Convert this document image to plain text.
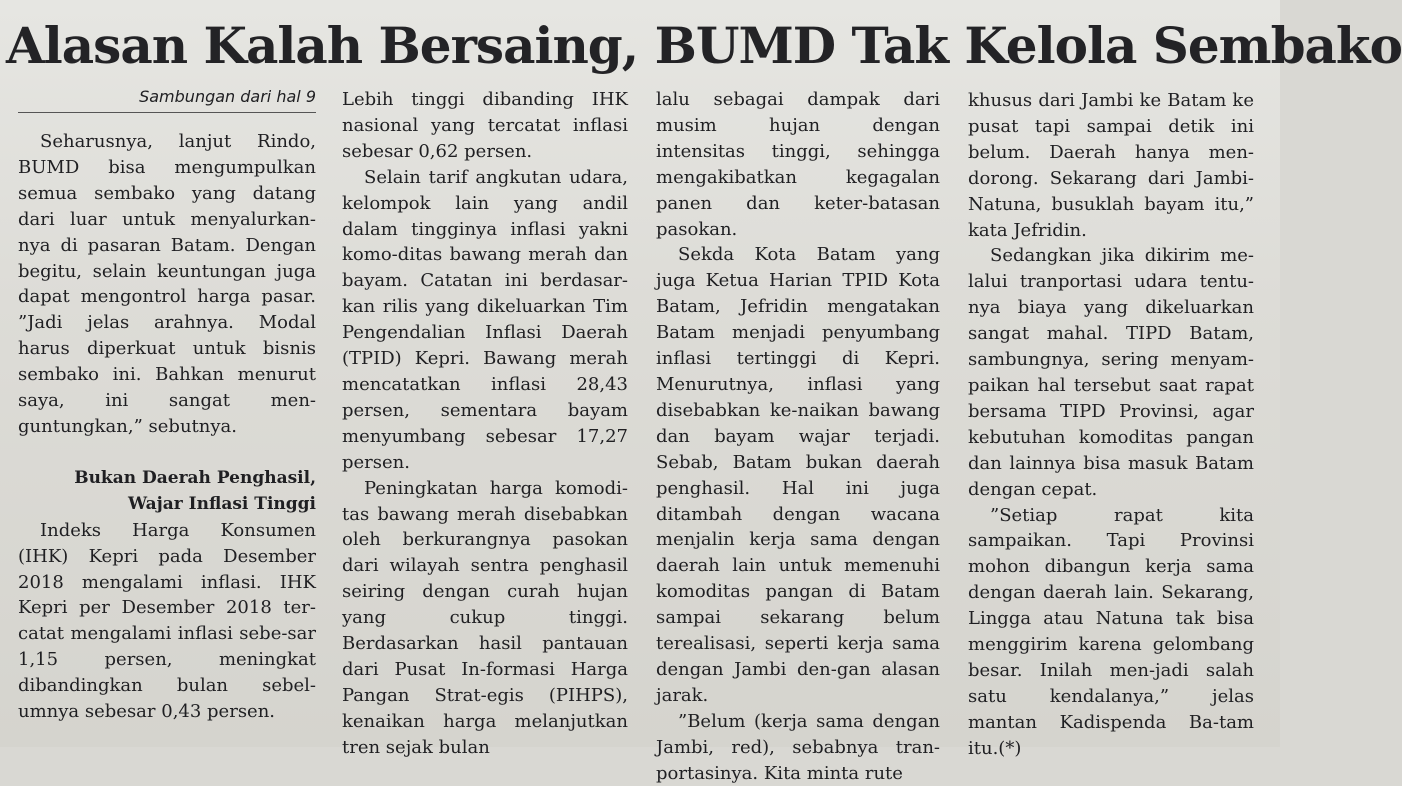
Alasan Kalah Bersaing, BUMD Tak Kelola Sembako

Sambungan dari hal 9

Seharusnya, lanjut Rindo, BUMD bisa mengumpulkan semua sembako yang datang dari luar untuk menyalurkan-nya di pasaran Batam. Dengan begitu, selain keuntungan juga dapat mengontrol harga pasar. ”Jadi jelas arahnya. Modal harus diperkuat untuk bisnis sembako ini. Bahkan menurut saya, ini sangat men-guntungkan,” sebutnya.

Bukan Daerah Penghasil, Wajar Inflasi Tinggi

Indeks Harga Konsumen (IHK) Kepri pada Desember 2018 mengalami inflasi. IHK Kepri per Desember 2018 ter-catat mengalami inflasi sebe-sar 1,15 persen, meningkat dibandingkan bulan sebel-umnya sebesar 0,43 persen.

Lebih tinggi dibanding IHK nasional yang tercatat inflasi sebesar 0,62 persen.

Selain tarif angkutan udara, kelompok lain yang andil dalam tingginya inflasi yakni komo-ditas bawang merah dan bayam. Catatan ini berdasar-kan rilis yang dikeluarkan Tim Pengendalian Inflasi Daerah (TPID) Kepri. Bawang merah mencatatkan inflasi 28,43 persen, sementara bayam menyumbang sebesar 17,27 persen.

Peningkatan harga komodi-tas bawang merah disebabkan oleh berkurangnya pasokan dari wilayah sentra penghasil seiring dengan curah hujan yang cukup tinggi. Berdasarkan hasil pantauan dari Pusat In-formasi Harga Pangan Strat-egis (PIHPS), kenaikan harga melanjutkan tren sejak bulan

lalu sebagai dampak dari musim hujan dengan intensitas tinggi, sehingga mengakibatkan kegagalan panen dan keter-batasan pasokan.

Sekda Kota Batam yang juga Ketua Harian TPID Kota Batam, Jefridin mengatakan Batam menjadi penyumbang inflasi tertinggi di Kepri. Menurutnya, inflasi yang disebabkan ke-naikan bawang dan bayam wajar terjadi. Sebab, Batam bukan daerah penghasil. Hal ini juga ditambah dengan wacana menjalin kerja sama dengan daerah lain untuk memenuhi komoditas pangan di Batam sampai sekarang belum terealisasi, seperti kerja sama dengan Jambi den-gan alasan jarak.

”Belum (kerja sama dengan Jambi, red), sebabnya tran-portasinya. Kita minta rute

khusus dari Jambi ke Batam ke pusat tapi sampai detik ini belum. Daerah hanya men-dorong. Sekarang dari Jambi-Natuna, busuklah bayam itu,” kata Jefridin.

Sedangkan jika dikirim me-lalui tranportasi udara tentu-nya biaya yang dikeluarkan sangat mahal. TIPD Batam, sambungnya, sering menyam-paikan hal tersebut saat rapat bersama TIPD Provinsi, agar kebutuhan komoditas pangan dan lainnya bisa masuk Batam dengan cepat.

”Setiap rapat kita sampaikan. Tapi Provinsi mohon dibangun kerja sama dengan daerah lain. Sekarang, Lingga atau Natuna tak bisa menggirim karena gelombang besar. Inilah men-jadi salah satu kendalanya,” jelas mantan Kadispenda Ba-tam itu.(*)
